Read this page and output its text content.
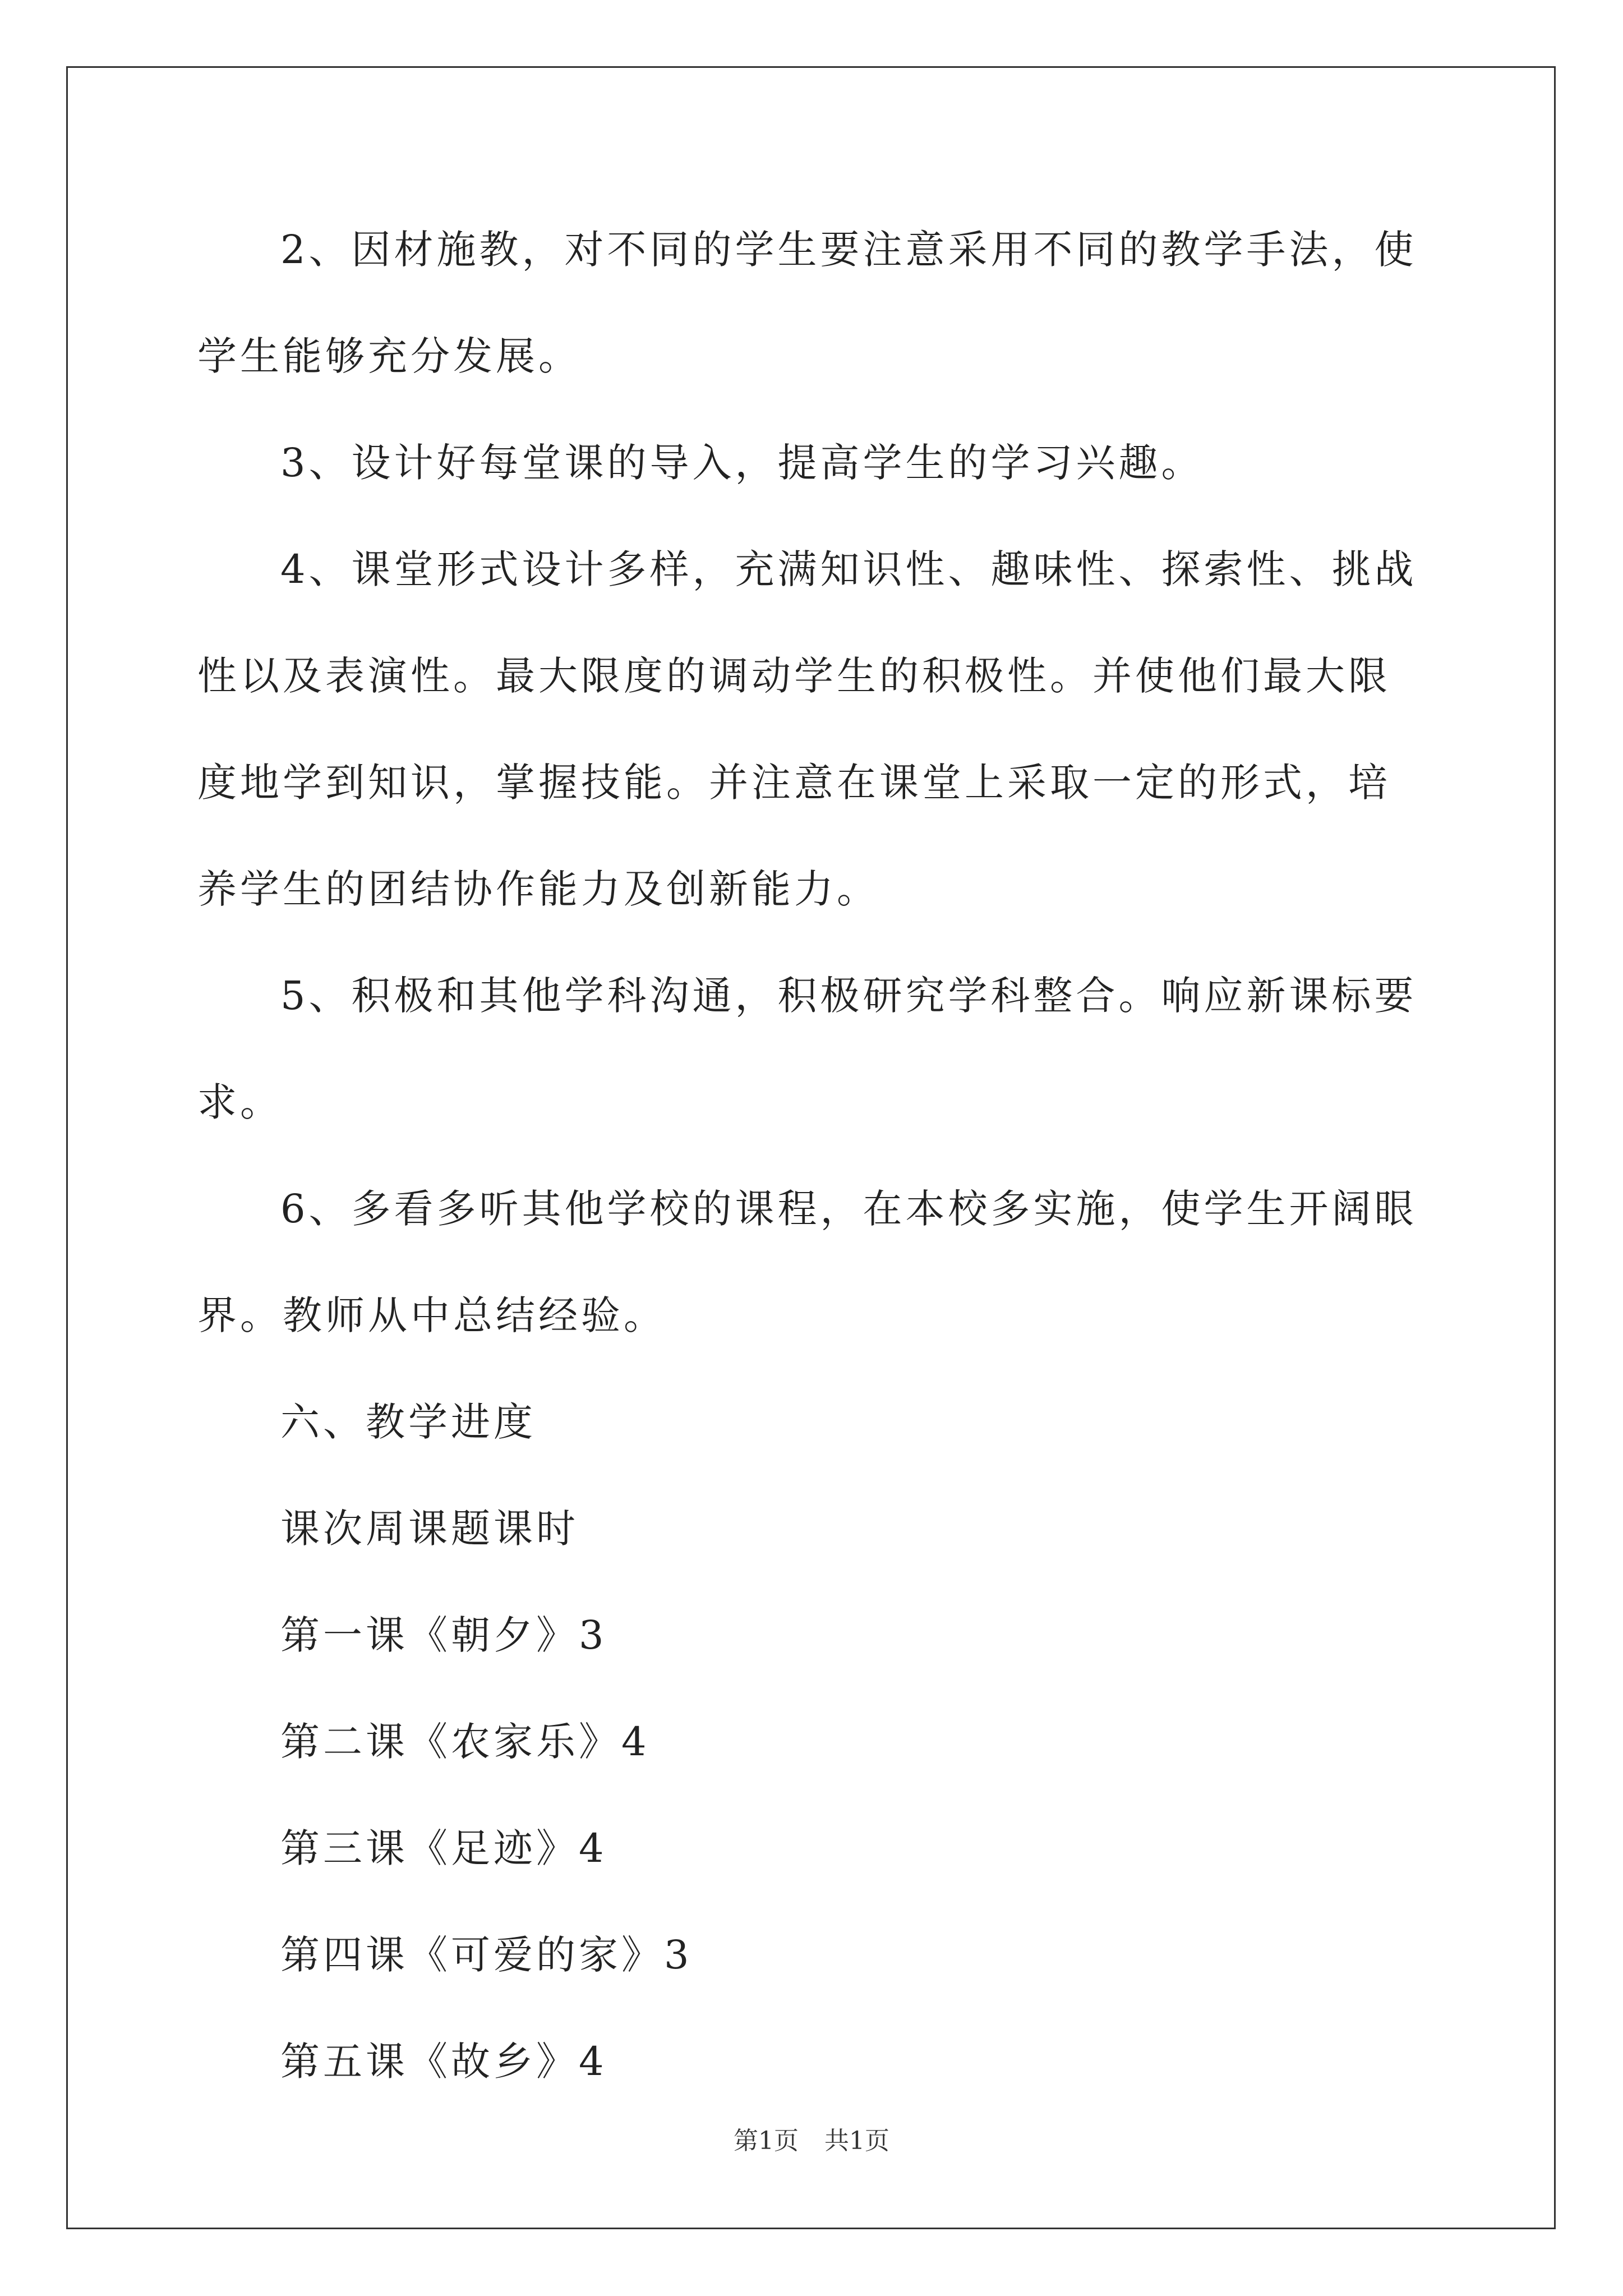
2、因材施教，对不同的学生要注意采用不同的教学手法，使学生能够充分发展。

3、设计好每堂课的导入，提高学生的学习兴趣。

4、课堂形式设计多样，充满知识性、趣味性、探索性、挑战性以及表演性。最大限度的调动学生的积极性。并使他们最大限度地学到知识，掌握技能。并注意在课堂上采取一定的形式，培养学生的团结协作能力及创新能力。

5、积极和其他学科沟通，积极研究学科整合。响应新课标要求。

6、多看多听其他学校的课程，在本校多实施，使学生开阔眼界。教师从中总结经验。

六、教学进度

课次周课题课时

第一课《朝夕》3

第二课《农家乐》4

第三课《足迹》4

第四课《可爱的家》3

第五课《故乡》4

第1页 共1页
